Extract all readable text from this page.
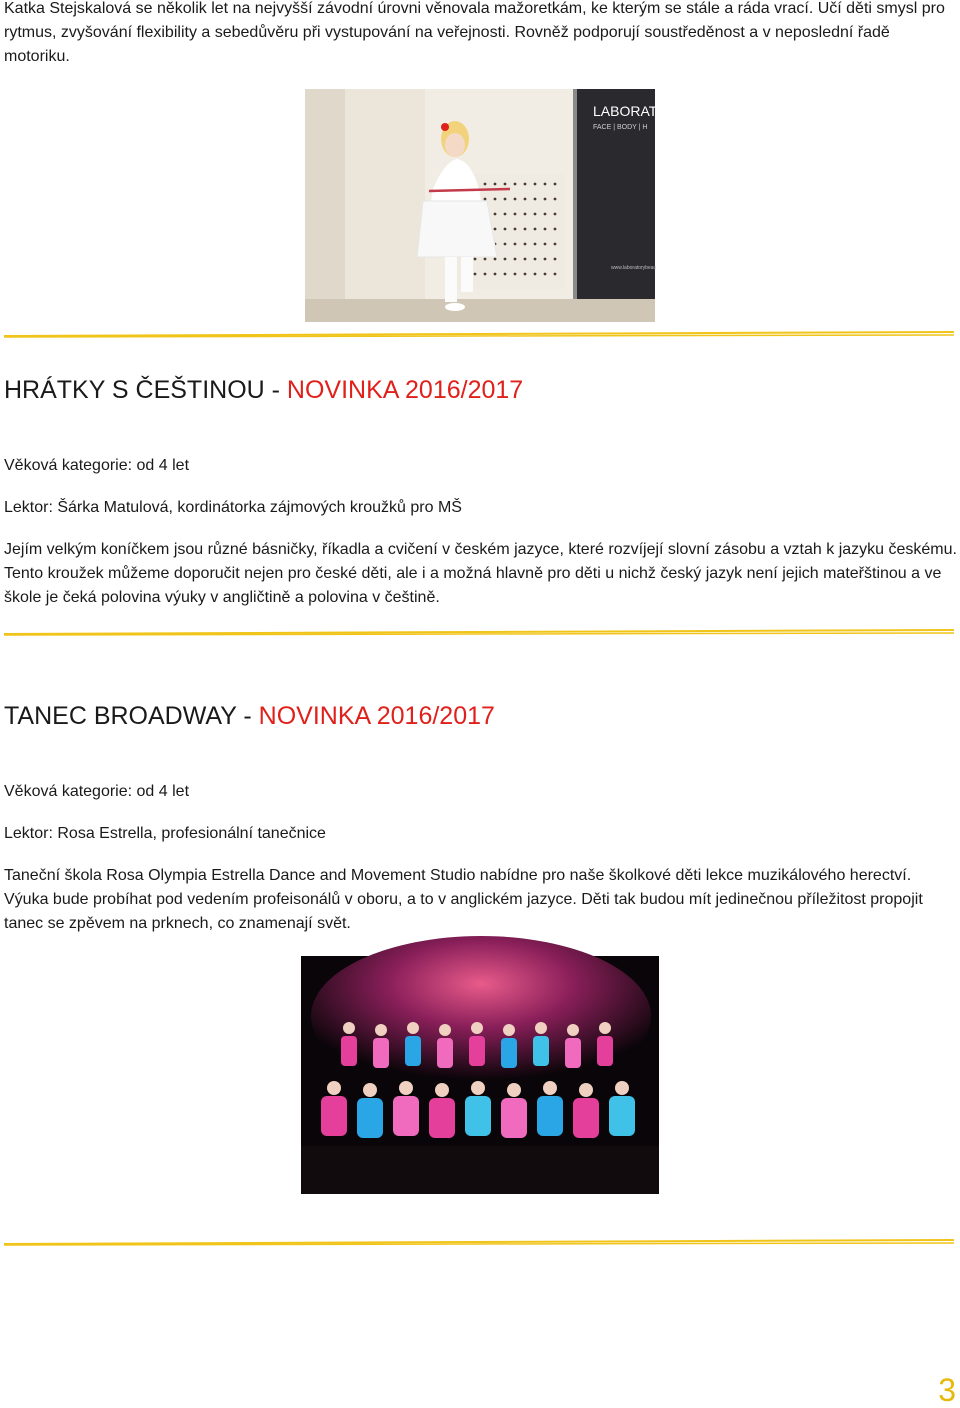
Katka Stejskalová se několik let na nejvyšší závodní úrovni věnovala mažoretkám, ke kterým se stále a ráda vrací. Učí děti smysl pro rytmus, zvyšování flexibility a sebedůvěru při vystupování na veřejnosti. Rovněž podporují soustředěnost a v neposlední řadě motoriku.

LABORATO
FACE | BODY | H
www.laboratorybeau
HRÁTKY S ČEŠTINOU - NOVINKA 2016/2017

Věková kategorie: od 4 let

Lektor: Šárka Matulová, kordinátorka zájmových kroužků pro MŠ

Jejím velkým koníčkem jsou různé básničky, říkadla a cvičení v českém jazyce, které rozvíjejí slovní zásobu a vztah k jazyku českému. Tento kroužek můžeme doporučit nejen pro české děti, ale i a možná hlavně pro děti u nichž český jazyk není jejich mateřštinou a ve škole je čeká polovina výuky v angličtině a polovina v češtině.

TANEC BROADWAY - NOVINKA 2016/2017

Věková kategorie: od 4 let

Lektor: Rosa Estrella, profesionální tanečnice

Taneční škola Rosa Olympia Estrella Dance and Movement Studio nabídne pro naše školkové děti lekce muzikálového herectví. Výuka bude probíhat pod vedením profeisonálů v oboru, a to v anglickém jazyce. Děti tak budou mít jedinečnou příležitost propojit tanec se zpěvem na prknech, co znamenají svět.

3
